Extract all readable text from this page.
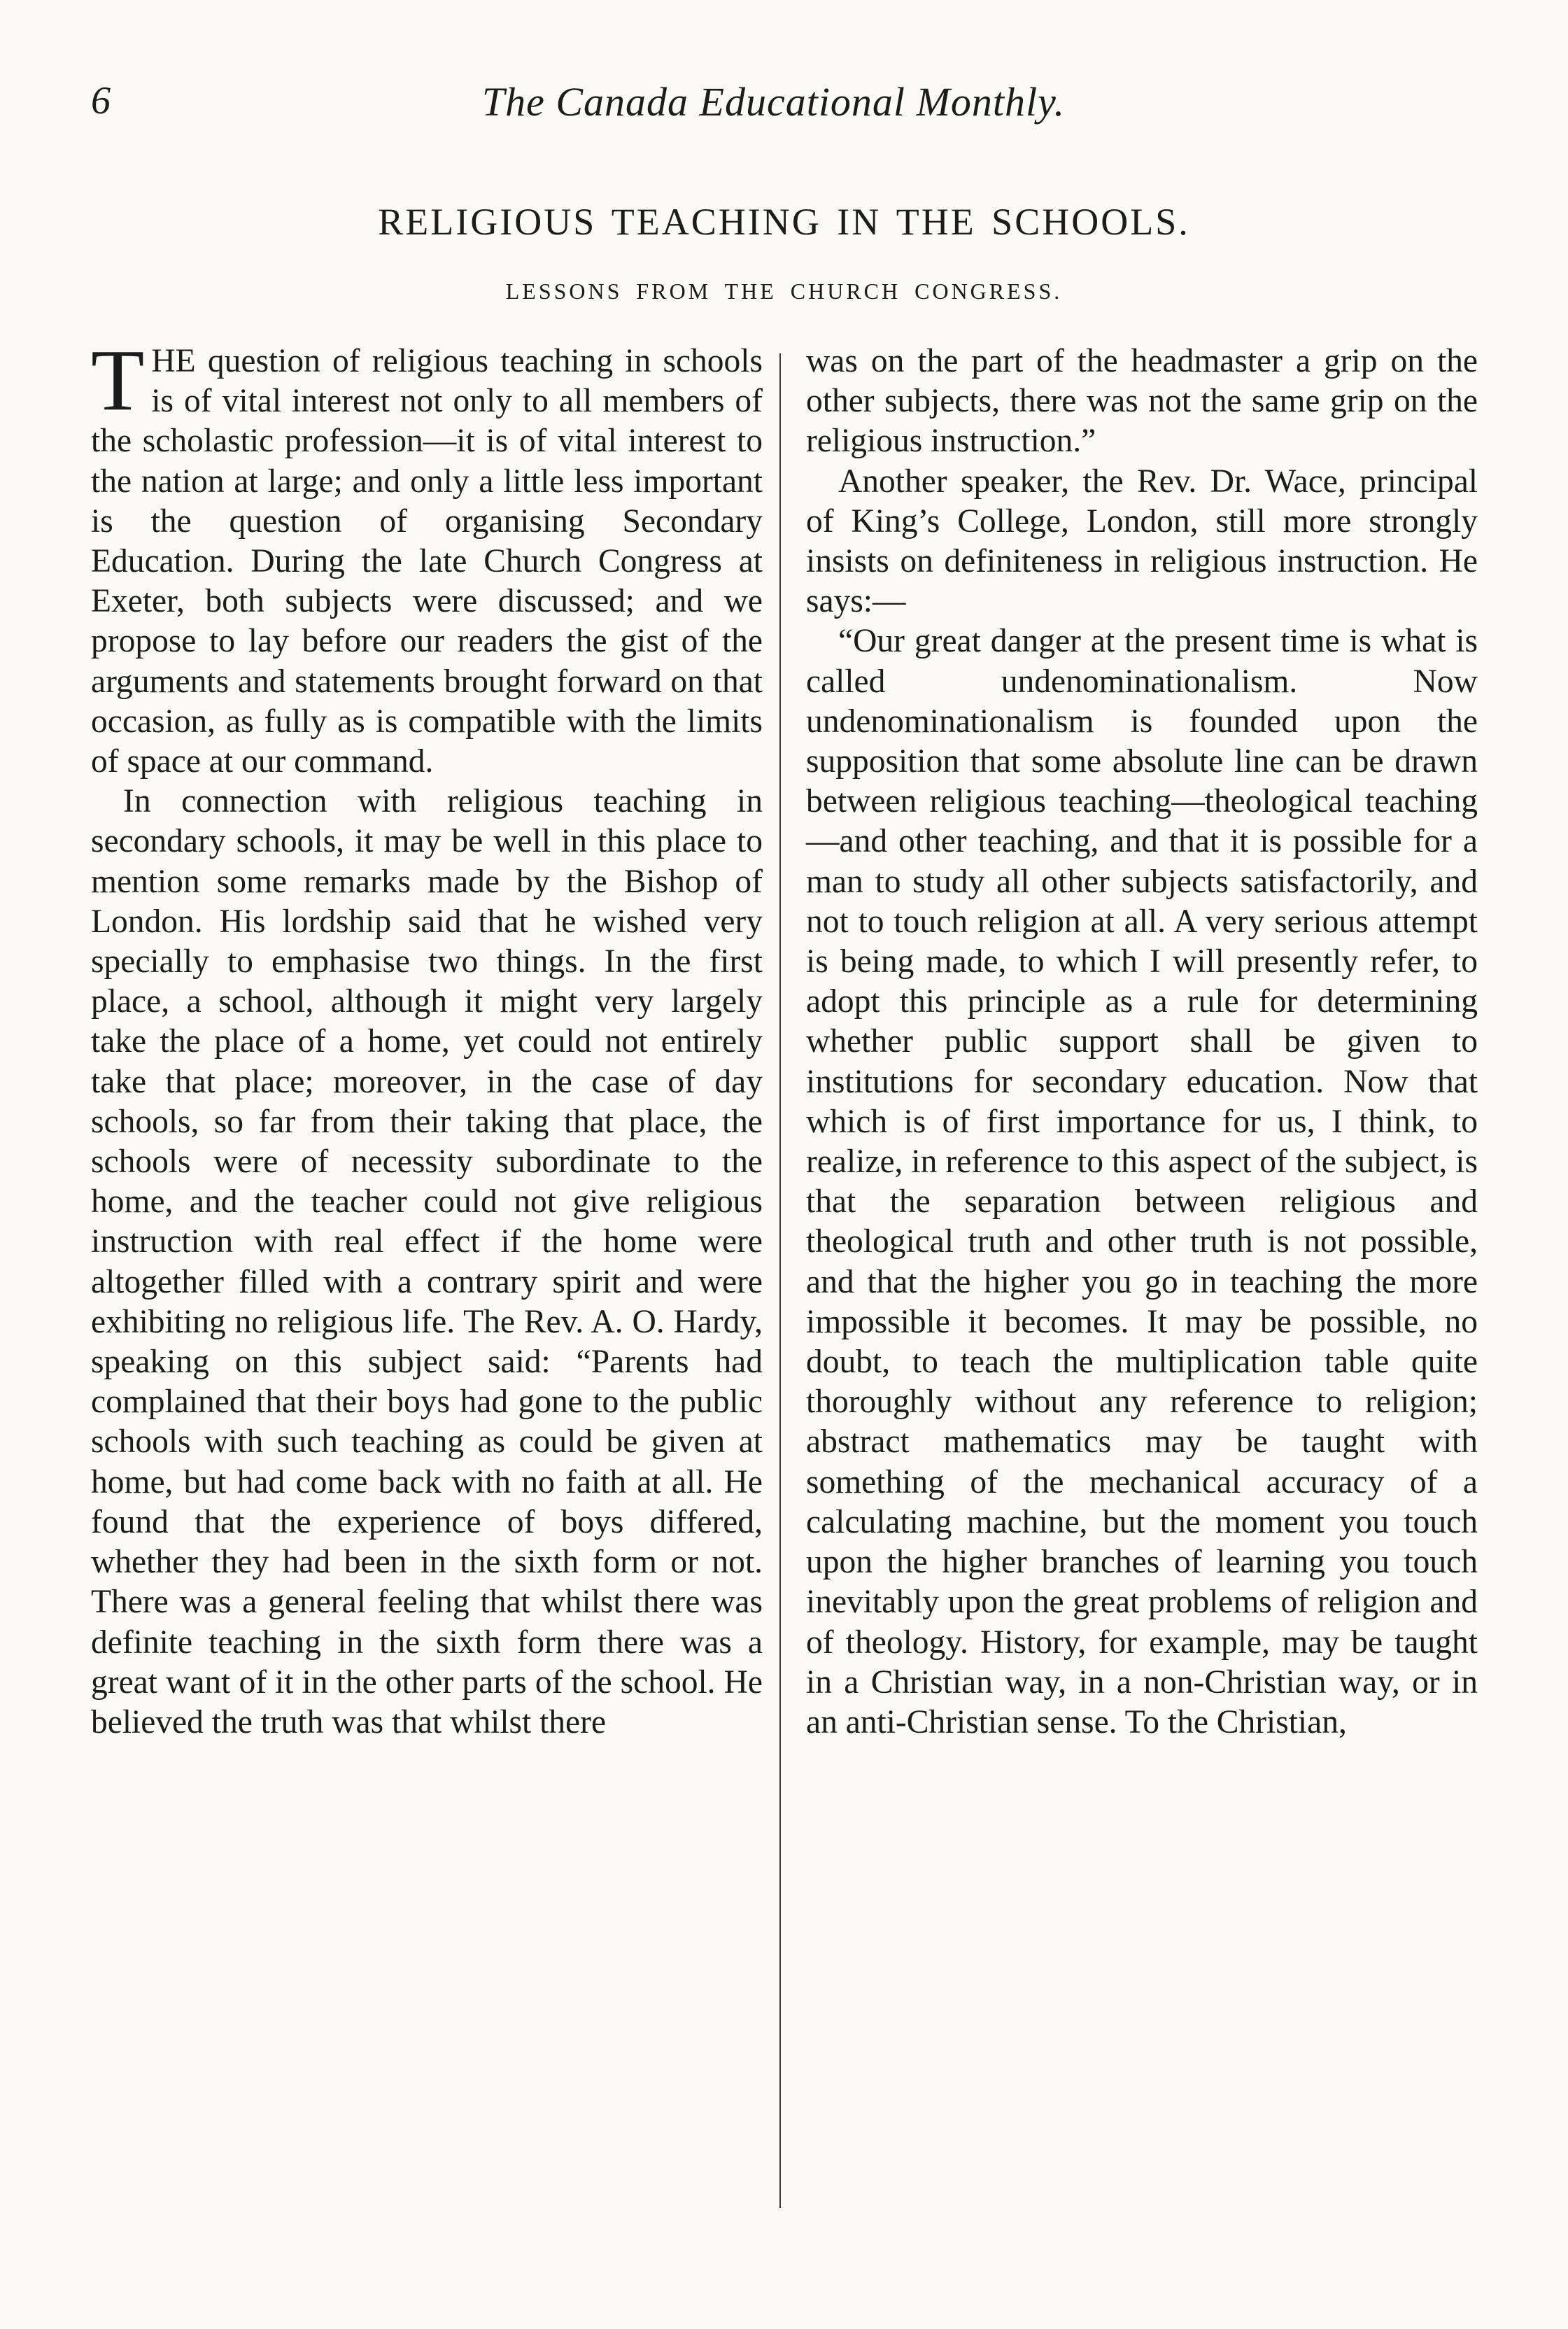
6	The Canada Educational Monthly.
RELIGIOUS TEACHING IN THE SCHOOLS.
LESSONS FROM THE CHURCH CONGRESS.

THE question of religious teaching in schools is of vital interest not only to all members of the scholastic profession—it is of vital interest to the nation at large; and only a little less important is the question of organising Secondary Education. During the late Church Congress at Exeter, both subjects were discussed; and we propose to lay before our readers the gist of the arguments and statements brought forward on that occasion, as fully as is compatible with the limits of space at our command.

In connection with religious teaching in secondary schools, it may be well in this place to mention some remarks made by the Bishop of London. His lordship said that he wished very specially to emphasise two things. In the first place, a school, although it might very largely take the place of a home, yet could not entirely take that place; moreover, in the case of day schools, so far from their taking that place, the schools were of necessity subordinate to the home, and the teacher could not give religious instruction with real effect if the home were altogether filled with a contrary spirit and were exhibiting no religious life. The Rev. A. O. Hardy, speaking on this subject said: “Parents had complained that their boys had gone to the public schools with such teaching as could be given at home, but had come back with no faith at all. He found that the experience of boys differed, whether they had been in the sixth form or not. There was a general feeling that whilst there was definite teaching in the sixth form there was a great want of it in the other parts of the school. He believed the truth was that whilst there

was on the part of the headmaster a grip on the other subjects, there was not the same grip on the religious instruction.”

Another speaker, the Rev. Dr. Wace, principal of King’s College, London, still more strongly insists on definiteness in religious instruction. He says:—

“Our great danger at the present time is what is called undenominationalism. Now undenominationalism is founded upon the supposition that some absolute line can be drawn between religious teaching—theological teaching—and other teaching, and that it is possible for a man to study all other subjects satisfactorily, and not to touch religion at all. A very serious attempt is being made, to which I will presently refer, to adopt this principle as a rule for determining whether public support shall be given to institutions for secondary education. Now that which is of first importance for us, I think, to realize, in reference to this aspect of the subject, is that the separation between religious and theological truth and other truth is not possible, and that the higher you go in teaching the more impossible it becomes. It may be possible, no doubt, to teach the multiplication table quite thoroughly without any reference to religion; abstract mathematics may be taught with something of the mechanical accuracy of a calculating machine, but the moment you touch upon the higher branches of learning you touch inevitably upon the great problems of religion and of theology. History, for example, may be taught in a Christian way, in a non-Christian way, or in an anti-Christian sense. To the Christian,
